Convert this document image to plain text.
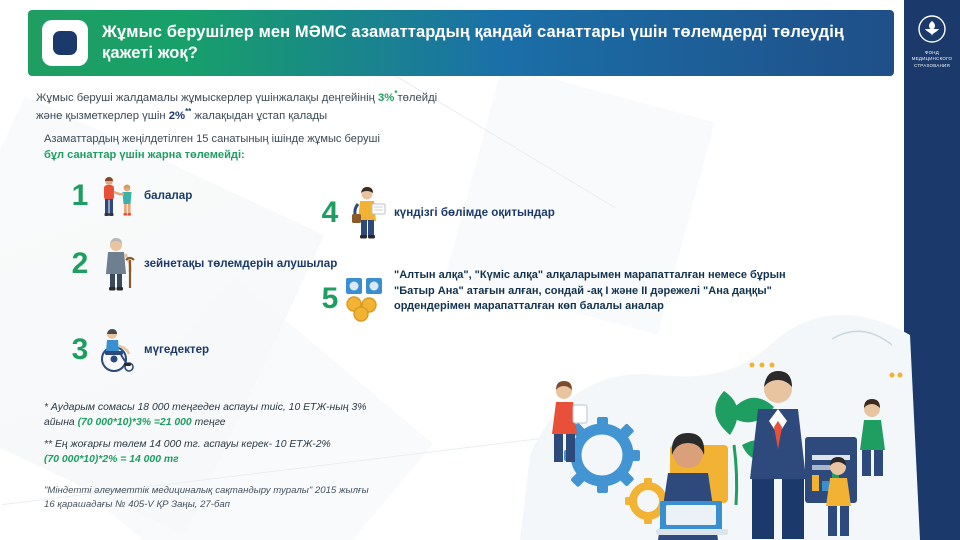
Жұмыс берушілер мен МӘМС азаматтардың қандай санаттары үшін төлемдерді төлеудің қажеті жоқ?	ФОНД МЕДИЦИНСКОГО СТРАХОВАНИЯ
Жұмыс беруші жалдамалы жұмыскерлер үшінжалақы деңгейінің 3%*төлейді
және қызметкерлер үшін 2%** жалақыдан ұстап қалады
Азаматтардың жеңілдетілген 15 санатының ішінде жұмыс беруші
бұл санаттар үшін жарна төлемейді:
1	балалар
2	зейнетақы төлемдерін алушылар
3	мүгедектер
4	күндізгі бөлімде оқитындар
5
"Алтын алқа", "Күміс алқа" алқаларымен марапатталған немесе бұрын "Батыр Ана" атағын алған, сондай -ақ I және II дәрежелі "Ана даңқы" ордендерімен марапатталған көп балалы аналар
* Аударым сомасы 18 000 теңгеден аспауы тиіс, 10 ЕТЖ-ның 3%
айына (70 000*10)*3% =21 000 теңге
** Ең жоғарғы төлем 14 000 тг. аспауы керек- 10 ЕТЖ-2%
(70 000*10)*2% = 14 000 тг
"Міндетті әлеуметтік медициналық сақтандыру туралы" 2015 жылғы
16 қарашадағы № 405-V ҚР Заңы, 27-бап
